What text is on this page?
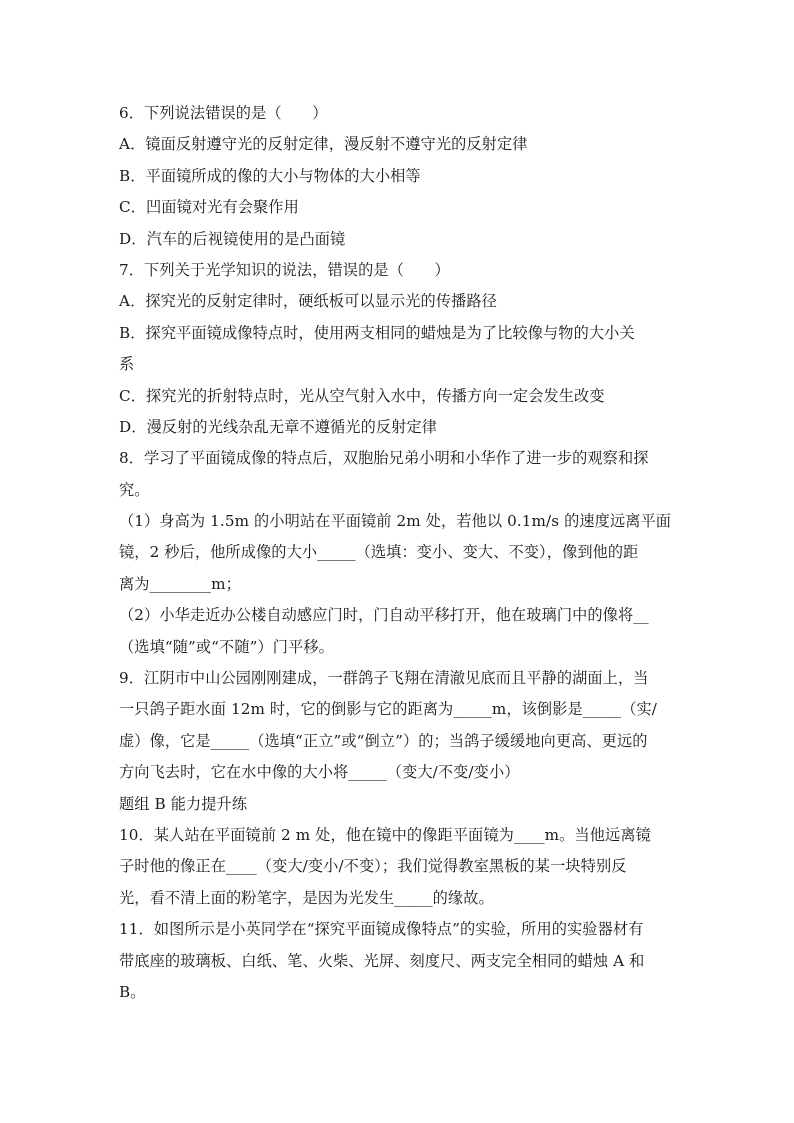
6．下列说法错误的是（　　）
A．镜面反射遵守光的反射定律，漫反射不遵守光的反射定律
B．平面镜所成的像的大小与物体的大小相等
C．凹面镜对光有会聚作用
D．汽车的后视镜使用的是凸面镜
7．下列关于光学知识的说法，错误的是（　　）
A．探究光的反射定律时，硬纸板可以显示光的传播路径
B．探究平面镜成像特点时，使用两支相同的蜡烛是为了比较像与物的大小关
系
C．探究光的折射特点时，光从空气射入水中，传播方向一定会发生改变
D．漫反射的光线杂乱无章不遵循光的反射定律
8．学习了平面镜成像的特点后，双胞胎兄弟小明和小华作了进一步的观察和探
究。
（1）身高为 1.5m 的小明站在平面镜前 2m 处，若他以 0.1m/s 的速度远离平面
镜，2 秒后，他所成像的大小_____（选填：变小、变大、不变），像到他的距
离为________m；
（2）小华走近办公楼自动感应门时，门自动平移打开，他在玻璃门中的像将__
（选填“随”或“不随”）门平移。
9．江阴市中山公园刚刚建成，一群鸽子飞翔在清澈见底而且平静的湖面上，当
一只鸽子距水面 12m 时，它的倒影与它的距离为_____m，该倒影是_____（实/
虚）像，它是_____（选填“正立”或“倒立”）的；当鸽子缓缓地向更高、更远的
方向飞去时，它在水中像的大小将_____（变大/不变/变小）
题组 B 能力提升练
10．某人站在平面镜前 2 m 处，他在镜中的像距平面镜为____m。当他远离镜
子时他的像正在____（变大/变小/不变）；我们觉得教室黑板的某一块特别反
光，看不清上面的粉笔字，是因为光发生_____的缘故。
11．如图所示是小英同学在“探究平面镜成像特点”的实验，所用的实验器材有
带底座的玻璃板、白纸、笔、火柴、光屏、刻度尺、两支完全相同的蜡烛 A 和
B。
